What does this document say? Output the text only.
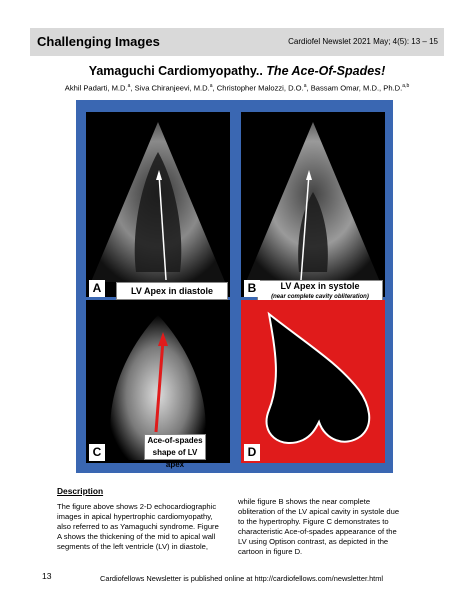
Challenging Images	Cardiofel Newslet 2021 May; 4(5): 13 – 15
Yamaguchi Cardiomyopathy.. The Ace-Of-Spades!
Akhil Padarti, M.D.$^a$, Siva Chiranjeevi, M.D.$^a$, Christopher Malozzi, D.O.$^a$, Bassam Omar, M.D., Ph.D.$^{a,b}$
LV Apex in diastole
A	LV Apex in systole
(near complete cavity obliteration)
B
Ace-of-spades
shape of LV apex
C	D
Description
The figure above shows 2-D echocardiographic
images in apical hypertrophic cardiomyopathy,
also referred to as Yamaguchi syndrome. Figure
A shows the thickening of the mid to apical wall
segments of the left ventricle (LV) in diastole,
while figure B shows the near complete
obliteration of the LV apical cavity in systole due
to the hypertrophy. Figure C demonstrates to
characteristic Ace-of-spades appearance of the
LV using Optison contrast, as depicted in the
cartoon in figure D.
13	Cardiofellows Newsletter is published online at http://cardiofellows.com/newsletter.html
